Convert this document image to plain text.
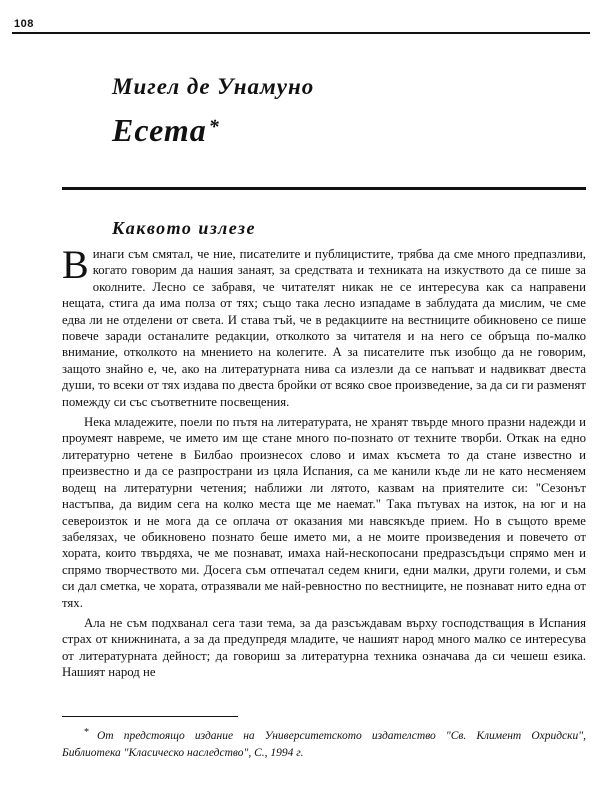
108
Мигел де Унамуно
Есета *
Каквото излезе

Винаги съм смятал, че ние, писателите и публицистите, трябва да сме много предпазливи, когато говорим да нашия занаят, за средствата и техниката на изкуството да се пише за околните. Лесно се забравя, че читателят никак не се интересува как са направени нещата, стига да има полза от тях; също така лесно изпадаме в заблудата да мислим, че сме едва ли не отделени от света. И става тъй, че в редакциите на вестниците обикновено се пише повече заради останалите редакции, отколкото за читателя и на него се обръща по-малко внимание, отколкото на мнението на колегите. А за писателите пък изобщо да не говорим, защото знайно е, че, ако на литературната нива са излезли да се напъват и надвикват двеста души, то всеки от тях издава по двеста бройки от всяко свое произведение, за да си ги разменят помежду си със съответните посвещения.

Нека младежите, поели по пътя на литературата, не хранят твърде много празни надежди и проумеят навреме, че името им ще стане много по-познато от техните творби. Откак на едно литературно четене в Билбао произнесох слово и имах късмета то да стане известно и преизвестно и да се разпространи из цяла Испания, са ме канили къде ли не като несменяем водещ на литературни четения; наближи ли лятото, казвам на приятелите си: "Сезонът настъпва, да видим сега на колко места ще ме наемат." Така пътувах на изток, на юг и на североизток и не мога да се оплача от оказания ми навсякъде прием. Но в същото време забелязах, че обикновено познато беше името ми, а не моите произведения и повечето от хората, които твърдяха, че ме познават, имаха най-нескопосани предразсъдъци спрямо мен и спрямо творчеството ми. Досега съм отпечатал седем книги, едни малки, други големи, и съм си дал сметка, че хората, отразявали ме най-ревностно по вестниците, не познават нито една от тях.

Ала не съм подхванал сега тази тема, за да разсъждавам върху господстващия в Испания страх от книжнината, а за да предупредя младите, че нашият народ много малко се интересува от литературната дейност; да говориш за литературна техника означава да си чешеш езика. Нашият народ не

* От предстоящо издание на Университетското издателство "Св. Климент Охридски", Библиотека "Класическо наследство", С., 1994 г.
